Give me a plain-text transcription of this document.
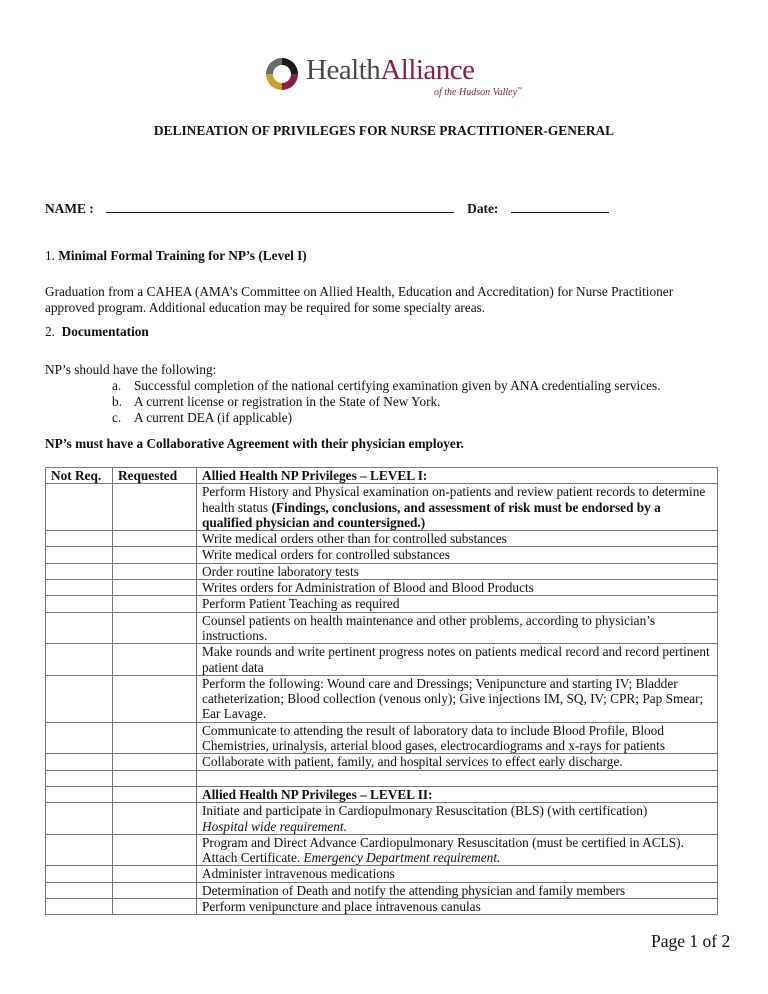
HealthAlliance
of the Hudson Valley™
DELINEATION OF PRIVILEGES FOR NURSE PRACTITIONER-GENERAL
NAME :	Date:
1. Minimal Formal Training for NP’s (Level I)
Graduation from a CAHEA (AMA’s Committee on Allied Health, Education and Accreditation) for Nurse Practitioner approved program. Additional education may be required for some specialty areas.
2. Documentation
NP’s should have the following:
a. Successful completion of the national certifying examination given by ANA credentialing services.
b. A current license or registration in the State of New York.
c. A current DEA (if applicable)
NP’s must have a Collaborative Agreement with their physician employer.
Not Req.	Requested	Allied Health NP Privileges – LEVEL I:
		Perform History and Physical examination on-patients and review patient records to determine health status (Findings, conclusions, and assessment of risk must be endorsed by a qualified physician and countersigned.)
		Write medical orders other than for controlled substances
		Write medical orders for controlled substances
		Order routine laboratory tests
		Writes orders for Administration of Blood and Blood Products
		Perform Patient Teaching as required
		Counsel patients on health maintenance and other problems, according to physician’s instructions.
		Make rounds and write pertinent progress notes on patients medical record and record pertinent patient data
		Perform the following: Wound care and Dressings; Venipuncture and starting IV; Bladder catheterization; Blood collection (venous only); Give injections IM, SQ, IV; CPR; Pap Smear; Ear Lavage.
		Communicate to attending the result of laboratory data to include Blood Profile, Blood Chemistries, urinalysis, arterial blood gases, electrocardiograms and x-rays for patients
		Collaborate with patient, family, and hospital services to effect early discharge.

		Allied Health NP Privileges – LEVEL II:
		Initiate and participate in Cardiopulmonary Resuscitation (BLS) (with certification)
Hospital wide requirement.
		Program and Direct Advance Cardiopulmonary Resuscitation (must be certified in ACLS). Attach Certificate. Emergency Department requirement.
		Administer intravenous medications
		Determination of Death and notify the attending physician and family members
		Perform venipuncture and place intravenous canulas
Page 1 of 2
